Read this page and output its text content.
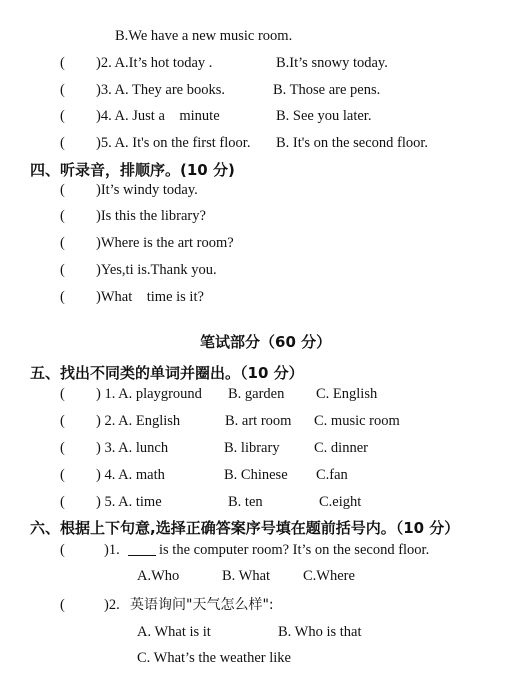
B.We have a new music room.
( )2. A.It’s hot today .	B.It’s snowy today.
( )3. A. They are books.	B. Those are pens.
( )4. A. Just a    minute	B. See you later.
( )5. A. It's on the first floor. B. It's on the second floor.
四、听录音，排顺序。(10 分)
( )It’s windy today.
( )Is this the library?
( )Where is the art room?
( )Yes,ti is.Thank you.
( )What    time is it?
笔试部分（60 分）
五、找出不同类的单词并圈出。（10 分）
( ) 1. A. playground B. garden C. English
( ) 2. A. English	B. art room C. music room
( ) 3. A. lunch	B. library C. dinner
( ) 4. A. math	B. Chinese C.fan
( ) 5. A. time	B. ten	C.eight
六、根据上下句意,选择正确答案序号填在题前括号内。（10 分）
(	)1.	is the computer room? It’s on the second floor.
A.Who	B. What C.Where
(	)2. 英语询问"天气怎么样":
A. What is it	B. Who is that
C. What’s the weather like
